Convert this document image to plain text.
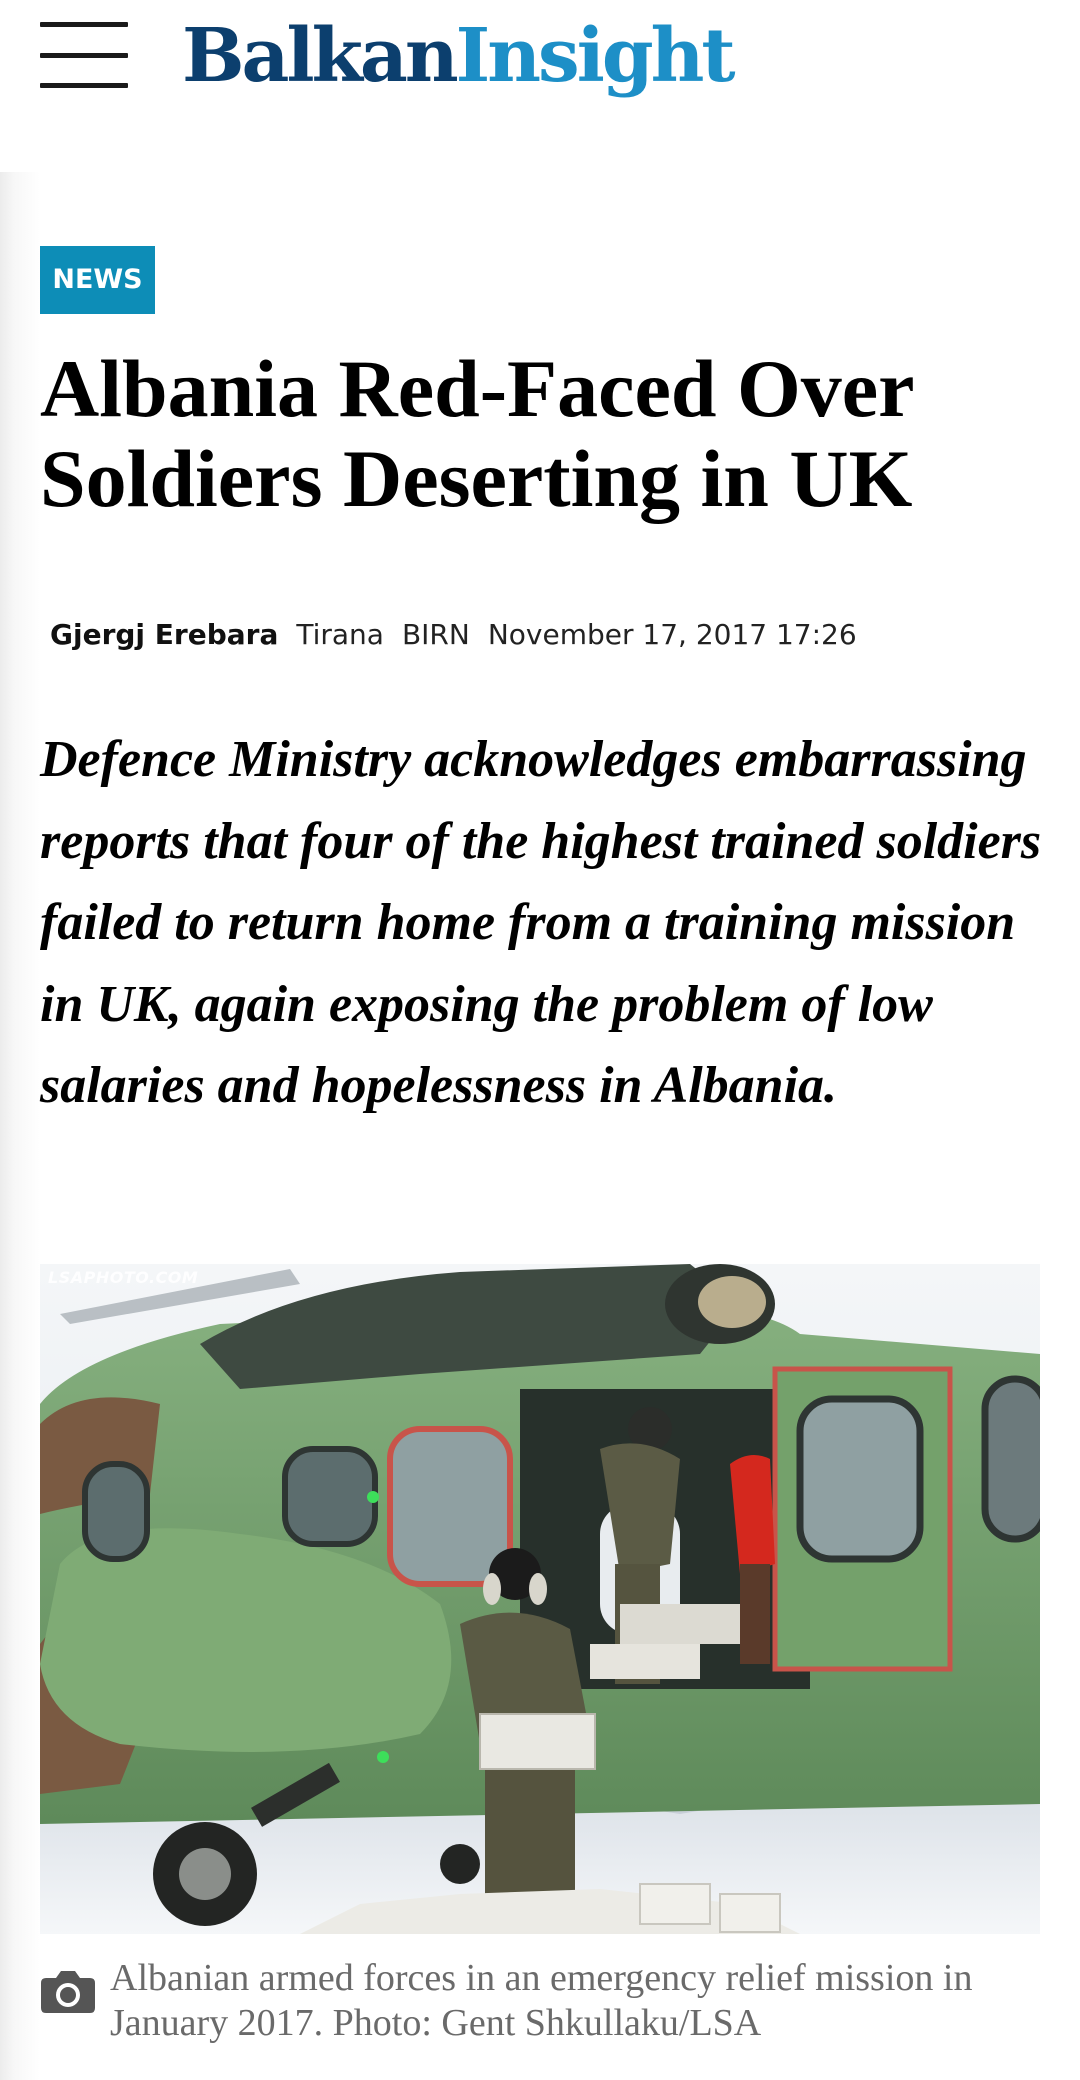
BalkanInsight
NEWS
Albania Red-Faced Over Soldiers Deserting in UK
Gjergj Erebara Tirana BIRN November 17, 2017 17:26

Defence Ministry acknowledges embarrassing reports that four of the highest trained soldiers failed to return home from a training mission in UK, again exposing the problem of low salaries and hopelessness in Albania.

LSAPHOTO.COM
Albanian armed forces in an emergency relief mission in January 2017. Photo: Gent Shkullaku/LSA
